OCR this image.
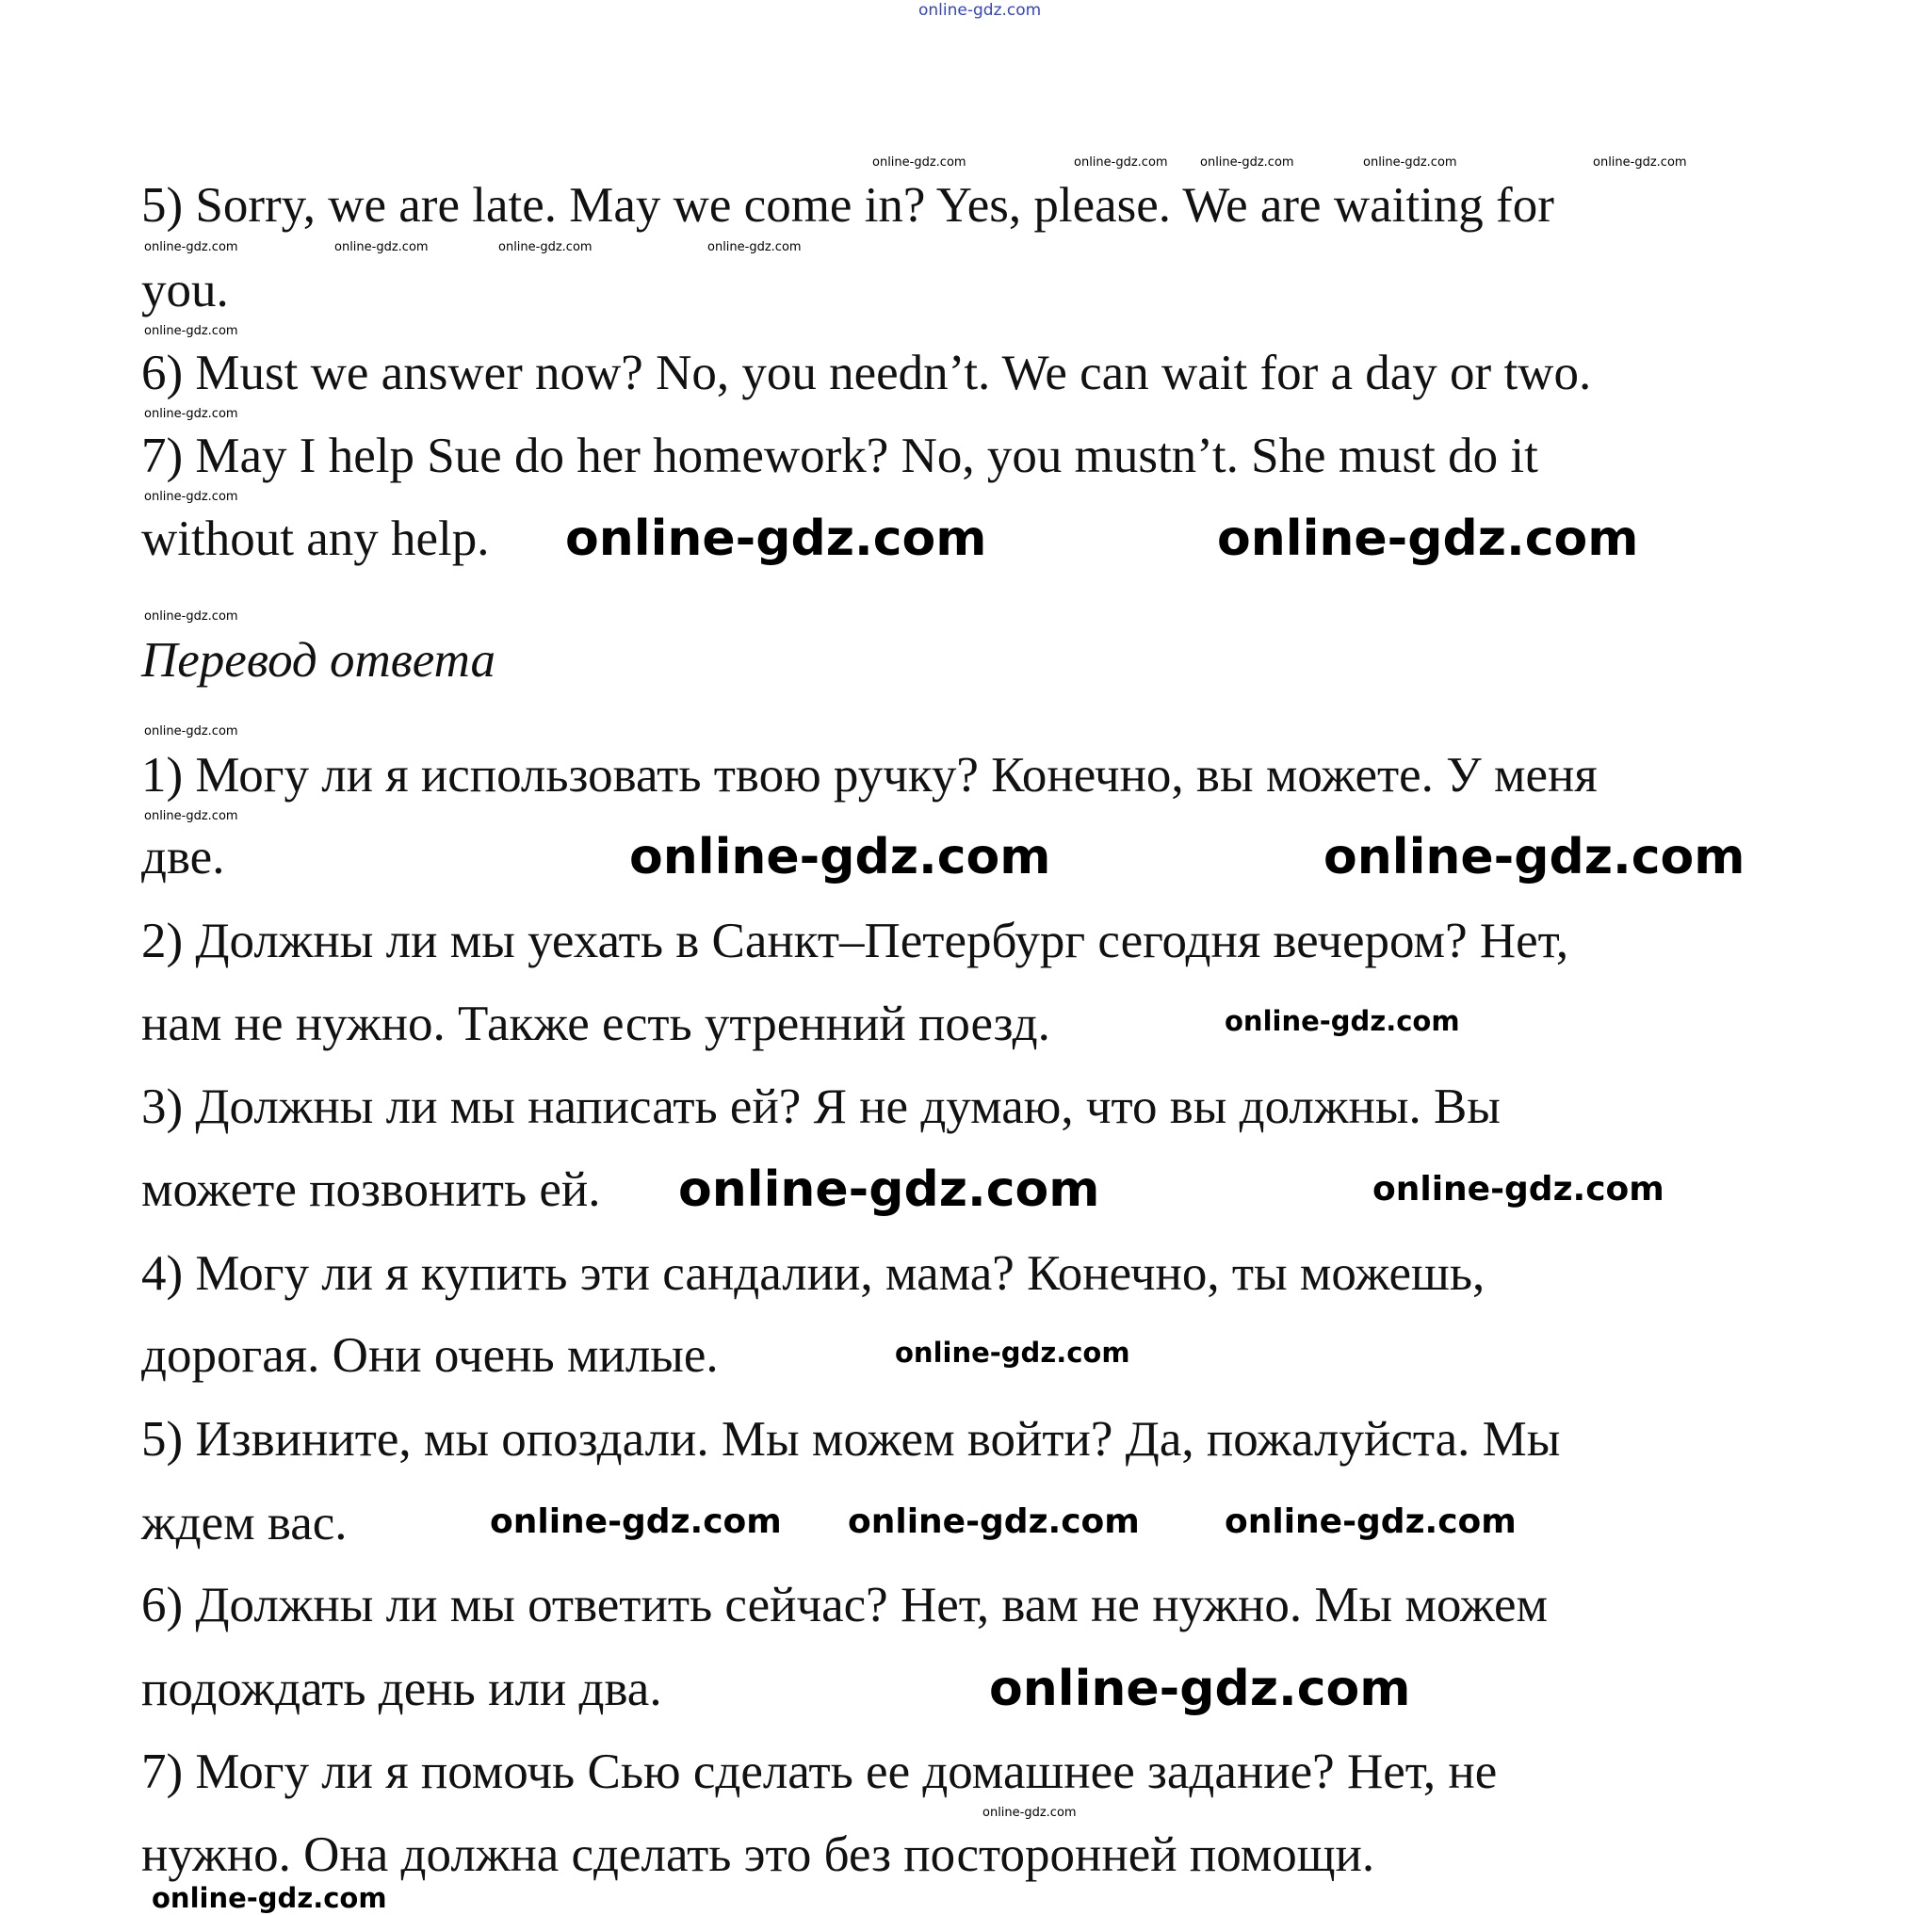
5) Sorry, we are late. May we come in? Yes, please. We are waiting for
you.
6) Must we answer now? No, you needn’t. We can wait for a day or two.
7) May I help Sue do her homework? No, you mustn’t. She must do it
without any help.
Перевод ответа
1) Могу ли я использовать твою ручку? Конечно, вы можете. У меня
две.
2) Должны ли мы уехать в Санкт–Петербург сегодня вечером? Нет,
нам не нужно. Также есть утренний поезд.
3) Должны ли мы написать ей? Я не думаю, что вы должны. Вы
можете позвонить ей.
4) Могу ли я купить эти сандалии, мама? Конечно, ты можешь,
дорогая. Они очень милые.
5) Извините, мы опоздали. Мы можем войти? Да, пожалуйста. Мы
ждем вас.
6) Должны ли мы ответить сейчас? Нет, вам не нужно. Мы можем
подождать день или два.
7) Могу ли я помочь Сью сделать ее домашнее задание? Нет, не
нужно. Она должна сделать это без посторонней помощи.
online-gdz.com
online-gdz.com	online-gdz.com	online-gdz.com	online-gdz.com	online-gdz.com
online-gdz.com	online-gdz.com	online-gdz.com
online-gdz.com
online-gdz.com
online-gdz.com
online-gdz.com
online-gdz.com
online-gdz.com
online-gdz.com
online-gdz.com	online-gdz.com
online-gdz.com	online-gdz.com
online-gdz.com
online-gdz.com	online-gdz.com
online-gdz.com
online-gdz.com online-gdz.com
online-gdz.com
online-gdz.com
online-gdz.com
online-gdz.com
